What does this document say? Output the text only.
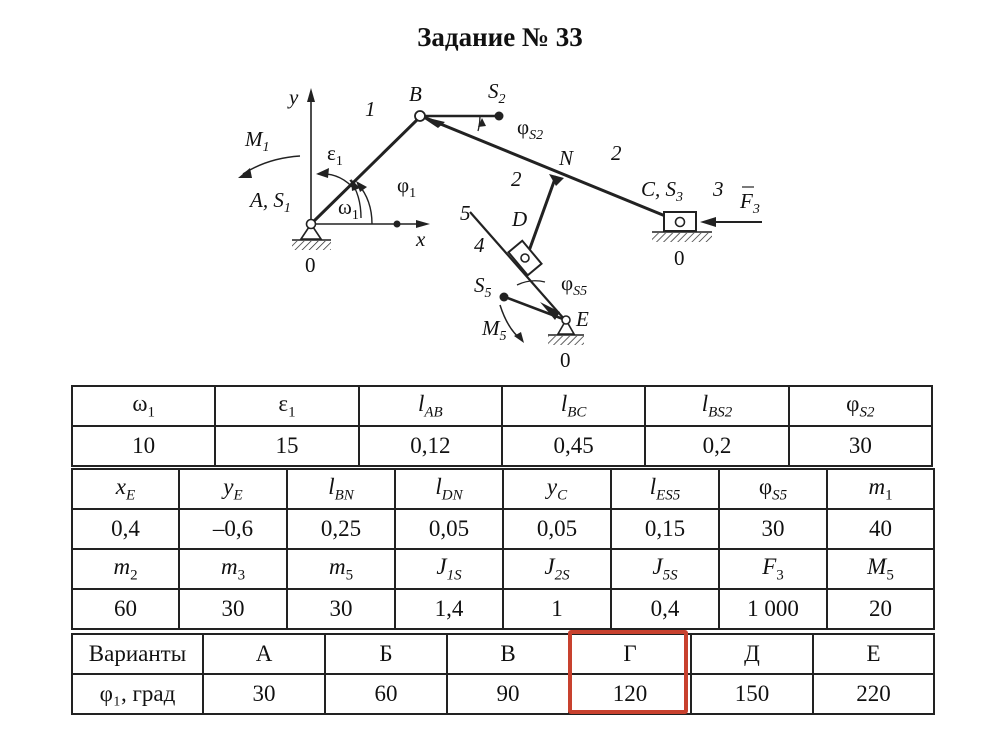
Задание № 33
y
x
B	$S_2$
$\varphi_{S2}$
1
$M_1$	$\varepsilon_1$
$\varphi_1$
$\omega_1$
A, $S_1$
0
N 2
2	C, $S_3$ 3 $F_3$
0
5 D
4
$S_5$	$\varphi_{S5}$
E
$M_5$
0
$\omega_1$	$\varepsilon_1$	$l_{AB}$	$l_{BC}$	$l_{BS2}$	$\varphi_{S2}$
10	15	0,12	0,45	0,2	30
$x_E$	$y_E$	$l_{BN}$	$l_{DN}$	$y_C$	$l_{ES5}$	$\varphi_{S5}$	$m_1$
0,4	–0,6	0,25	0,05	0,05	0,15	30	40
$m_2$	$m_3$	$m_5$	$J_{1S}$	$J_{2S}$	$J_{5S}$	$F_3$	$M_5$
60	30	30	1,4	1	0,4	1 000	20
Варианты	А	Б	В	Г	Д	Е
φ₁, град	30	60	90	120	150	220
